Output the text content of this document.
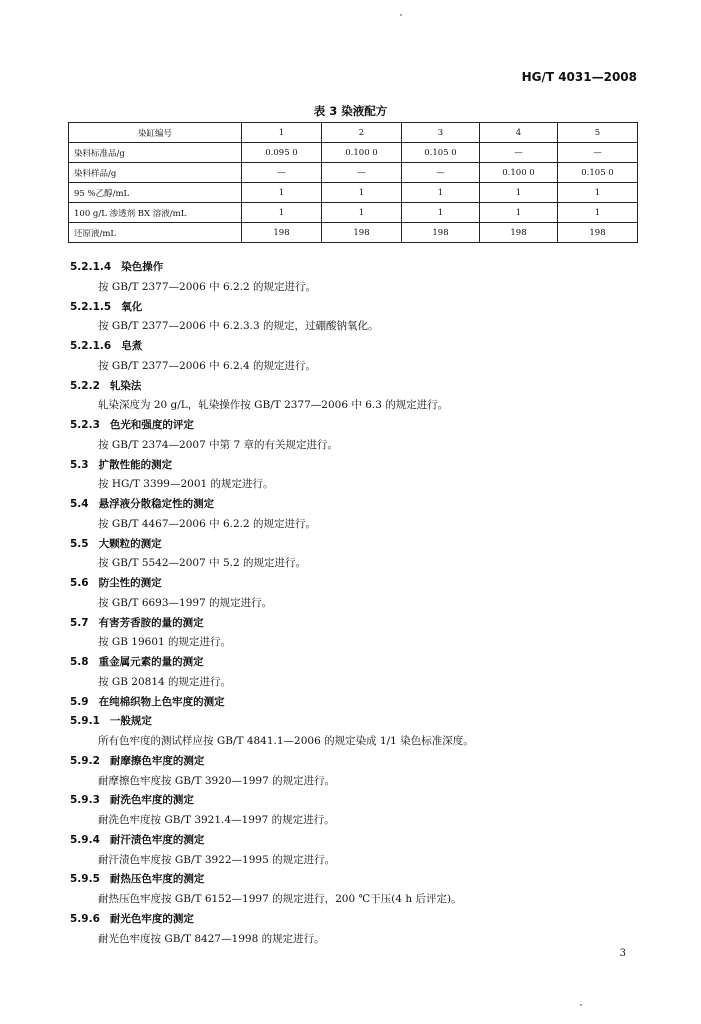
HG/T 4031—2008
表 3 染液配方
染缸编号	1	2	3	4	5
染料标准品/g	0.095 0	0.100 0	0.105 0	—	—
染料样品/g	—	—	—	0.100 0	0.105 0
95 %乙醇/mL	1	1	1	1	1
100 g/L 渗透剂 BX 溶液/mL	1	1	1	1	1
还原液/mL	198	198	198	198	198
5.2.1.4 染色操作
按 GB/T 2377—2006 中 6.2.2 的规定进行。
5.2.1.5 氧化
按 GB/T 2377—2006 中 6.2.3.3 的规定，过硼酸钠氧化。
5.2.1.6 皂煮
按 GB/T 2377—2006 中 6.2.4 的规定进行。
5.2.2 轧染法
轧染深度为 20 g/L，轧染操作按 GB/T 2377—2006 中 6.3 的规定进行。
5.2.3 色光和强度的评定
按 GB/T 2374—2007 中第 7 章的有关规定进行。
5.3 扩散性能的测定
按 HG/T 3399—2001 的规定进行。
5.4 悬浮液分散稳定性的测定
按 GB/T 4467—2006 中 6.2.2 的规定进行。
5.5 大颗粒的测定
按 GB/T 5542—2007 中 5.2 的规定进行。
5.6 防尘性的测定
按 GB/T 6693—1997 的规定进行。
5.7 有害芳香胺的量的测定
按 GB 19601 的规定进行。
5.8 重金属元素的量的测定
按 GB 20814 的规定进行。
5.9 在纯棉织物上色牢度的测定
5.9.1 一般规定
所有色牢度的测试样应按 GB/T 4841.1—2006 的规定染成 1/1 染色标准深度。
5.9.2 耐摩擦色牢度的测定
耐摩擦色牢度按 GB/T 3920—1997 的规定进行。
5.9.3 耐洗色牢度的测定
耐洗色牢度按 GB/T 3921.4—1997 的规定进行。
5.9.4 耐汗渍色牢度的测定
耐汗渍色牢度按 GB/T 3922—1995 的规定进行。
5.9.5 耐热压色牢度的测定
耐热压色牢度按 GB/T 6152—1997 的规定进行，200 ℃干压(4 h 后评定)。
5.9.6 耐光色牢度的测定
耐光色牢度按 GB/T 8427—1998 的规定进行。
3
